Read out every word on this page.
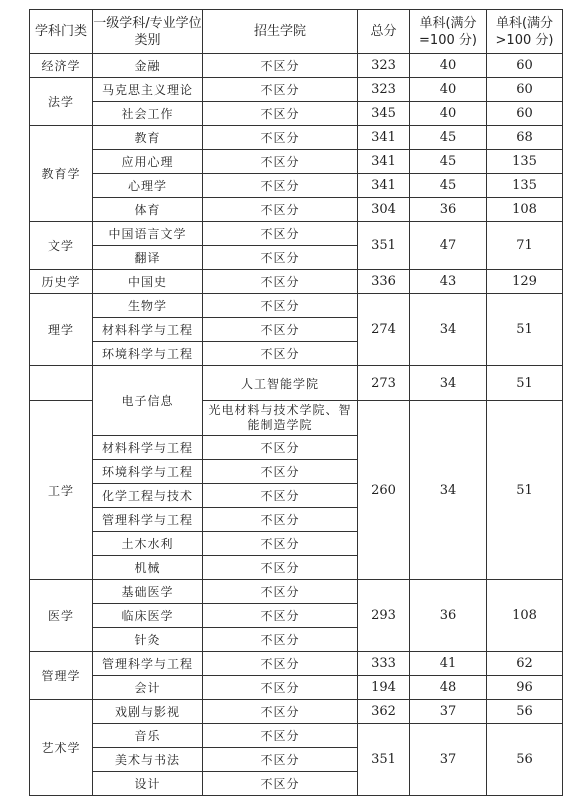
学科门类	一级学科/专业学位类别	招生学院	总分	单科(满分=100 分)	单科(满分>100 分)
经济学	金融	不区分	323	40	60
法学	马克思主义理论	不区分	323	40	60
	社会工作	不区分	345	40	60
教育学	教育	不区分	341	45	68
	应用心理	不区分	341	45	135
	心理学	不区分	341	45	135
	体育	不区分	304	36	108
文学	中国语言文学	不区分	351	47	71
	翻译	不区分			
历史学	中国史	不区分	336	43	129
理学	生物学	不区分	274	34	51
	材料科学与工程	不区分			
	环境科学与工程	不区分			
	电子信息	人工智能学院	273	34	51
工学		光电材料与技术学院、智能制造学院	260	34	51
	材料科学与工程	不区分			
	环境科学与工程	不区分			
	化学工程与技术	不区分			
	管理科学与工程	不区分			
	土木水利	不区分			
	机械	不区分			
医学	基础医学	不区分	293	36	108
	临床医学	不区分			
	针灸	不区分			
管理学	管理科学与工程	不区分	333	41	62
	会计	不区分	194	48	96
艺术学	戏剧与影视	不区分	362	37	56
	音乐	不区分	351	37	56
	美术与书法	不区分			
	设计	不区分			
